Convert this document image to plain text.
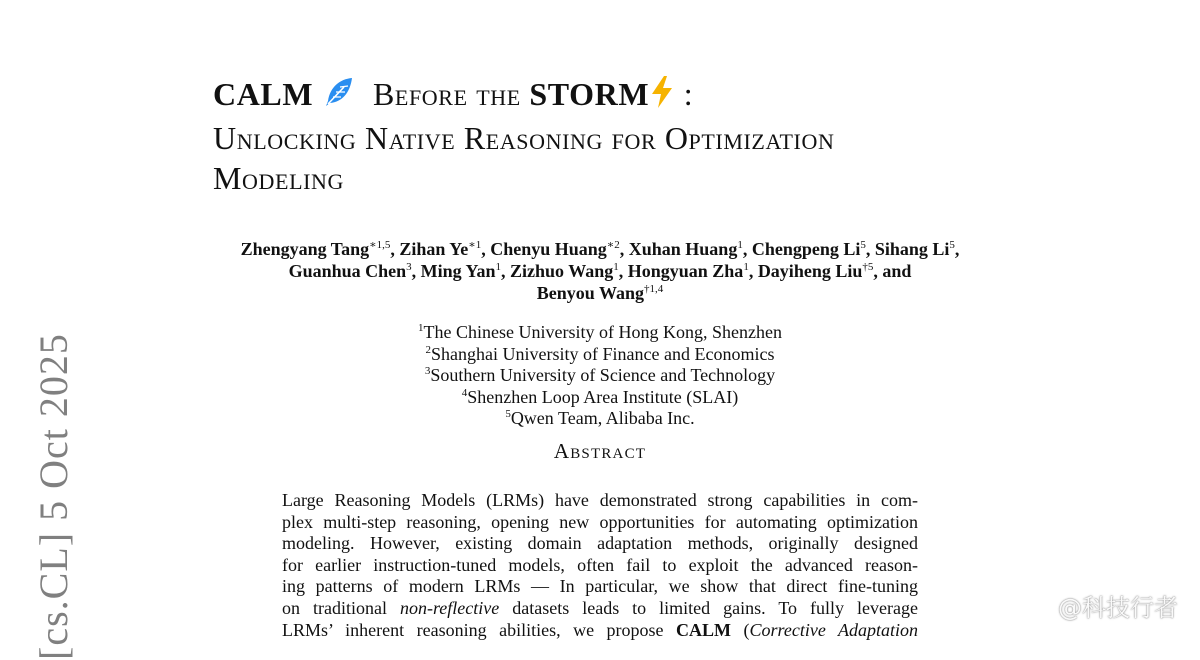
CALM Before the STORM :
Unlocking Native Reasoning for Optimization
Modeling
Zhengyang Tang$^{∗1,5}$, Zihan $Ye^{∗1}$, Chenyu Huang$^{∗2}$, Xuhan Huang$^1$, Chengpeng Li$^5$, Sihang Li$^5$, Guanhua Chen$^3$, Ming Yan$^1$, Zizhuo Wang$^1$, Hongyuan Zha$^1$, Dayiheng Liu$^{\dagger 5}$, and
Benyou Wang$^{\dagger 1,4}$
$^1$The Chinese University of Hong Kong, Shenzhen
$^2$Shanghai University of Finance and Economics
$^3$Southern University of Science and Technology
$^4$Shenzhen Loop Area Institute (SLAI)
$^5$Qwen Team, Alibaba Inc.
Abstract
Large Reasoning Models (LRMs) have demonstrated strong capabilities in com-
plex multi-step reasoning, opening new opportunities for automating optimization
modeling. However, existing domain adaptation methods, originally designed
for earlier instruction-tuned models, often fail to exploit the advanced reason-
ing patterns of modern LRMs — In particular, we show that direct fine-tuning
on traditional non-reflective datasets leads to limited gains. To fully leverage
LRMs’ inherent reasoning abilities, we propose CALM (Corrective Adaptation
[cs.CL] 5 Oct 2025	@科技行者
